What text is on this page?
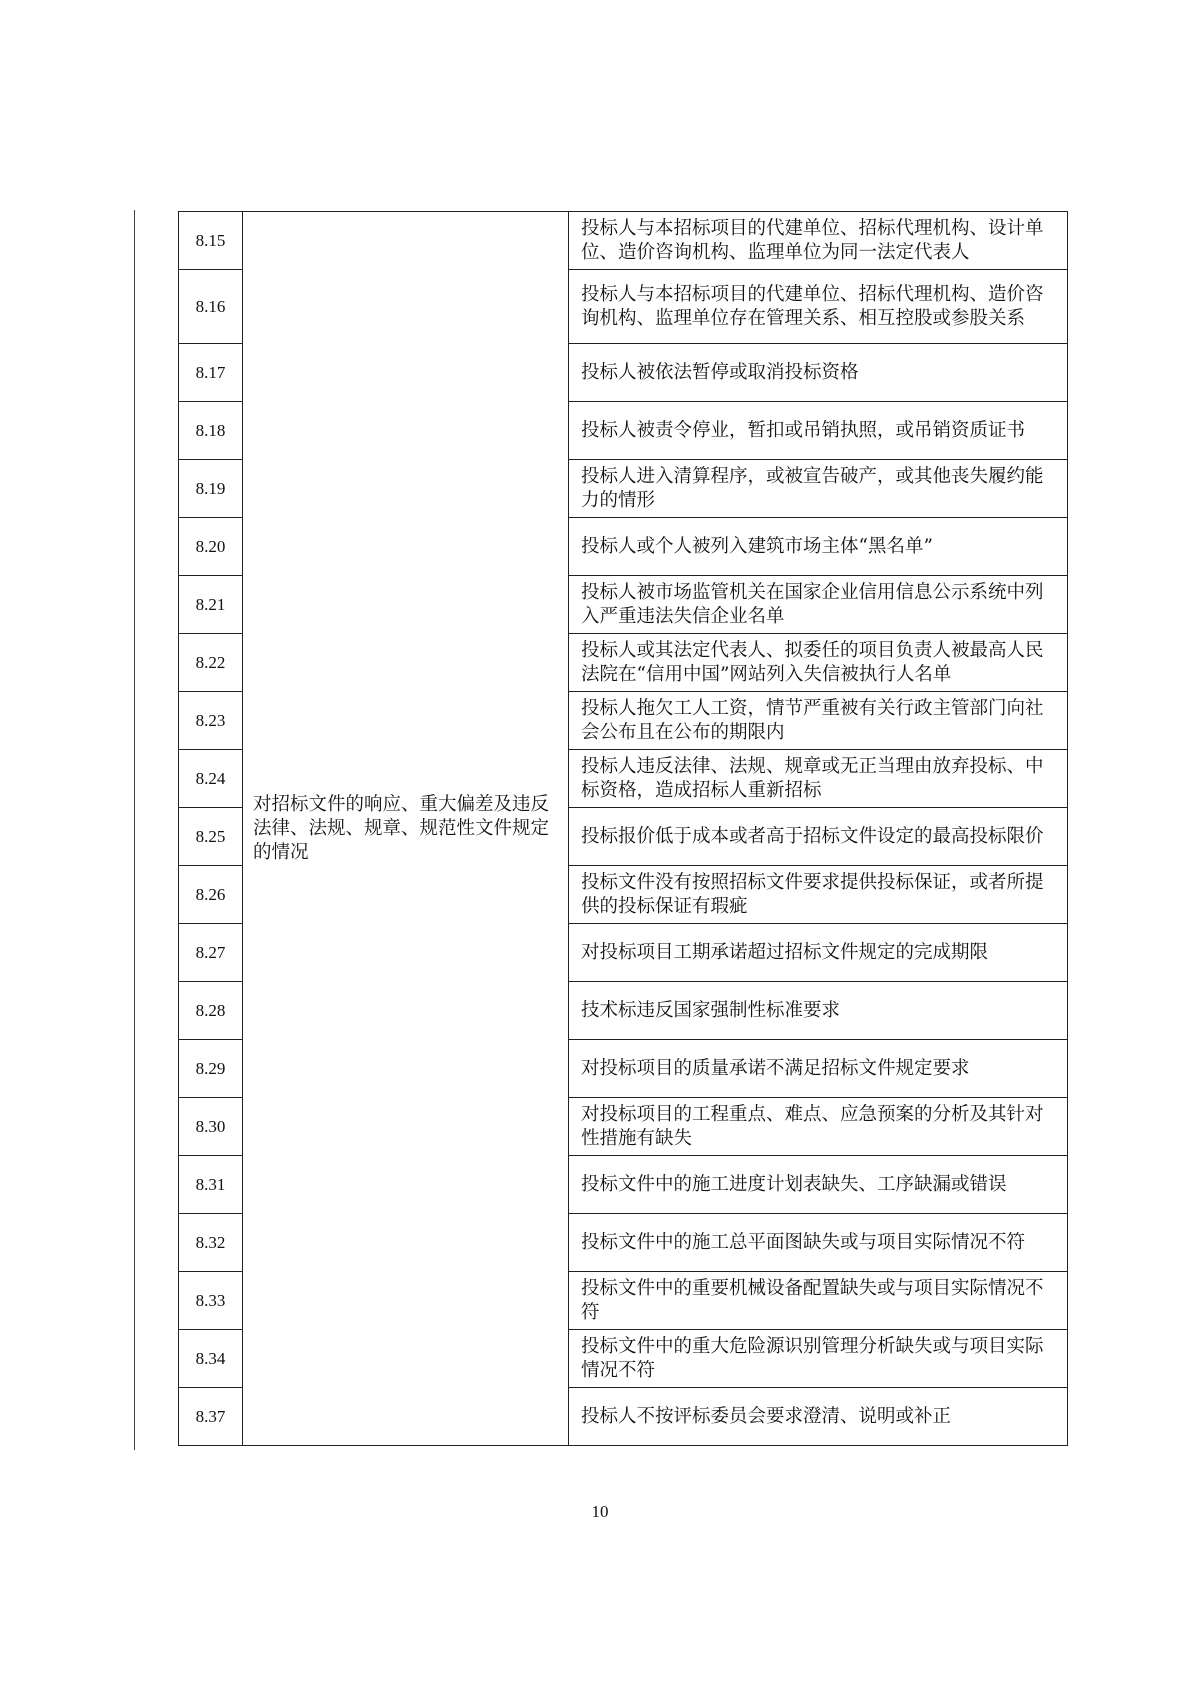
8.15	对招标文件的响应、重大偏差及违反法律、法规、规章、规范性文件规定的情况	投标人与本招标项目的代建单位、招标代理机构、设计单位、造价咨询机构、监理单位为同一法定代表人
8.16		投标人与本招标项目的代建单位、招标代理机构、造价咨询机构、监理单位存在管理关系、相互控股或参股关系
8.17		投标人被依法暂停或取消投标资格
8.18		投标人被责令停业，暂扣或吊销执照，或吊销资质证书
8.19		投标人进入清算程序，或被宣告破产，或其他丧失履约能力的情形
8.20		投标人或个人被列入建筑市场主体“黑名单”
8.21		投标人被市场监管机关在国家企业信用信息公示系统中列入严重违法失信企业名单
8.22		投标人或其法定代表人、拟委任的项目负责人被最高人民法院在“信用中国”网站列入失信被执行人名单
8.23		投标人拖欠工人工资，情节严重被有关行政主管部门向社会公布且在公布的期限内
8.24		投标人违反法律、法规、规章或无正当理由放弃投标、中标资格，造成招标人重新招标
8.25		投标报价低于成本或者高于招标文件设定的最高投标限价
8.26		投标文件没有按照招标文件要求提供投标保证，或者所提供的投标保证有瑕疵
8.27		对投标项目工期承诺超过招标文件规定的完成期限
8.28		技术标违反国家强制性标准要求
8.29		对投标项目的质量承诺不满足招标文件规定要求
8.30		对投标项目的工程重点、难点、应急预案的分析及其针对性措施有缺失
8.31		投标文件中的施工进度计划表缺失、工序缺漏或错误
8.32		投标文件中的施工总平面图缺失或与项目实际情况不符
8.33		投标文件中的重要机械设备配置缺失或与项目实际情况不符
8.34		投标文件中的重大危险源识别管理分析缺失或与项目实际情况不符
8.37		投标人不按评标委员会要求澄清、说明或补正
10
